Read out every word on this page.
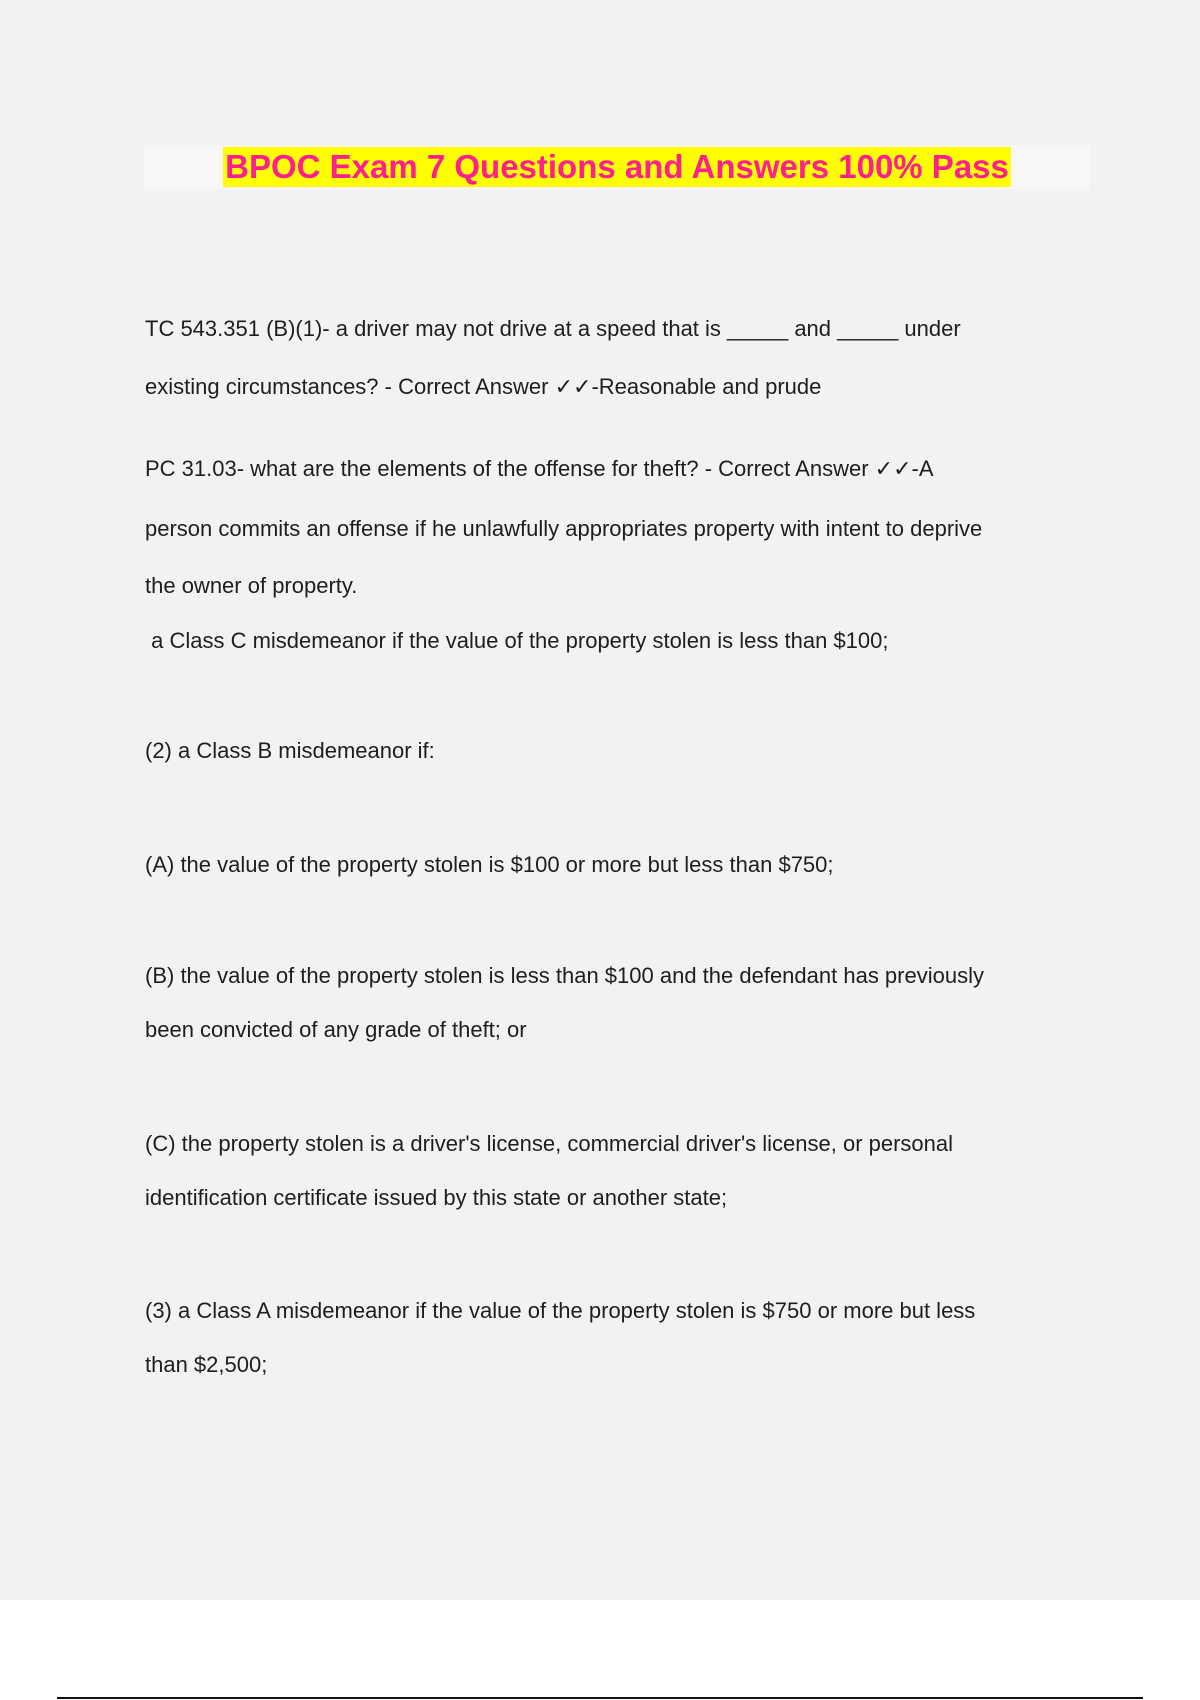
BPOC Exam 7 Questions and Answers 100% Pass
TC 543.351 (B)(1)- a driver may not drive at a speed that is _____ and _____ under
existing circumstances? - Correct Answer ✓✓-Reasonable and prude
PC 31.03- what are the elements of the offense for theft? - Correct Answer ✓✓-A
person commits an offense if he unlawfully appropriates property with intent to deprive
the owner of property.
a Class C misdemeanor if the value of the property stolen is less than $100;
(2) a Class B misdemeanor if:
(A) the value of the property stolen is $100 or more but less than $750;
(B) the value of the property stolen is less than $100 and the defendant has previously
been convicted of any grade of theft; or
(C) the property stolen is a driver's license, commercial driver's license, or personal
identification certificate issued by this state or another state;
(3) a Class A misdemeanor if the value of the property stolen is $750 or more but less
than $2,500;
